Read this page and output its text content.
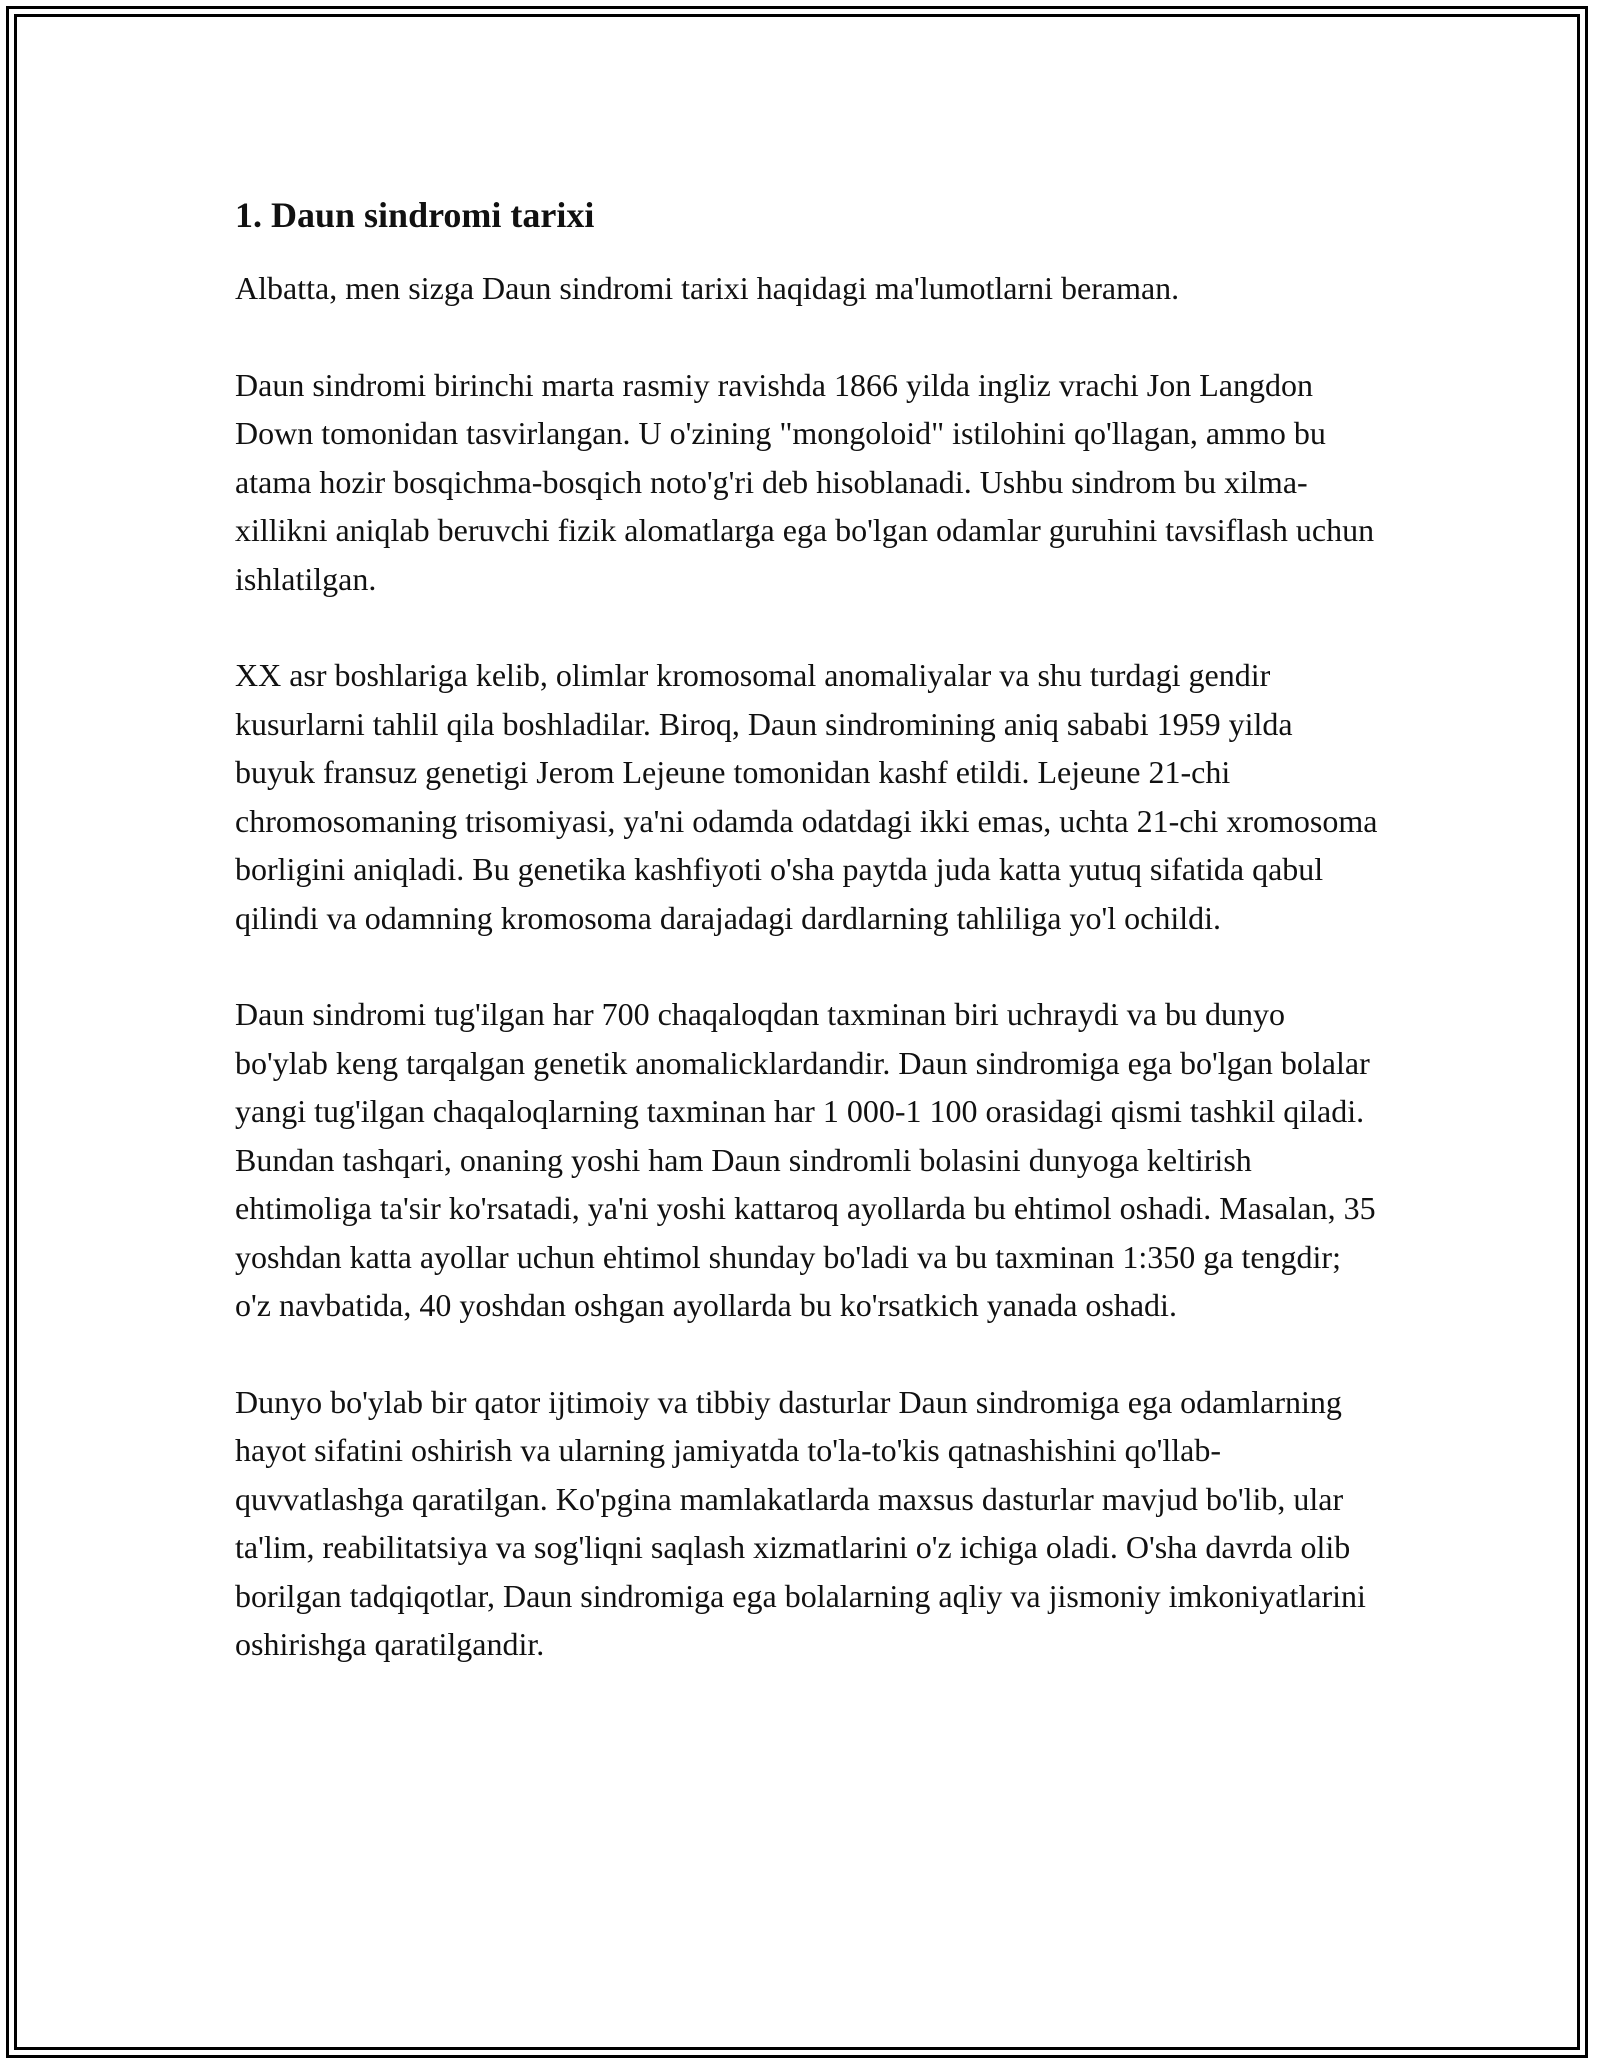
1. Daun sindromi tarixi

Albatta, men sizga Daun sindromi tarixi haqidagi ma'lumotlarni beraman.

Daun sindromi birinchi marta rasmiy ravishda 1866 yilda ingliz vrachi Jon Langdon Down tomonidan tasvirlangan. U o'zining "mongoloid" istilohini qo'llagan, ammo bu atama hozir bosqichma-bosqich noto'g'ri deb hisoblanadi. Ushbu sindrom bu xilma-xillikni aniqlab beruvchi fizik alomatlarga ega bo'lgan odamlar guruhini tavsiflash uchun ishlatilgan.

XX asr boshlariga kelib, olimlar kromosomal anomaliyalar va shu turdagi gendir kusurlarni tahlil qila boshladilar. Biroq, Daun sindromining aniq sababi 1959 yilda buyuk fransuz genetigi Jerom Lejeune tomonidan kashf etildi. Lejeune 21-chi chromosomaning trisomiyasi, ya'ni odamda odatdagi ikki emas, uchta 21-chi xromosoma borligini aniqladi. Bu genetika kashfiyoti o'sha paytda juda katta yutuq sifatida qabul qilindi va odamning kromosoma darajadagi dardlarning tahliliga yo'l ochildi.

Daun sindromi tug'ilgan har 700 chaqaloqdan taxminan biri uchraydi va bu dunyo bo'ylab keng tarqalgan genetik anomalicklardandir. Daun sindromiga ega bo'lgan bolalar yangi tug'ilgan chaqaloqlarning taxminan har 1 000-1 100 orasidagi qismi tashkil qiladi. Bundan tashqari, onaning yoshi ham Daun sindromli bolasini dunyoga keltirish ehtimoliga ta'sir ko'rsatadi, ya'ni yoshi kattaroq ayollarda bu ehtimol oshadi. Masalan, 35 yoshdan katta ayollar uchun ehtimol shunday bo'ladi va bu taxminan 1:350 ga tengdir; o'z navbatida, 40 yoshdan oshgan ayollarda bu ko'rsatkich yanada oshadi.

Dunyo bo'ylab bir qator ijtimoiy va tibbiy dasturlar Daun sindromiga ega odamlarning hayot sifatini oshirish va ularning jamiyatda to'la-to'kis qatnashishini qo'llab-quvvatlashga qaratilgan. Ko'pgina mamlakatlarda maxsus dasturlar mavjud bo'lib, ular ta'lim, reabilitatsiya va sog'liqni saqlash xizmatlarini o'z ichiga oladi. O'sha davrda olib borilgan tadqiqotlar, Daun sindromiga ega bolalarning aqliy va jismoniy imkoniyatlarini oshirishga qaratilgandir.
